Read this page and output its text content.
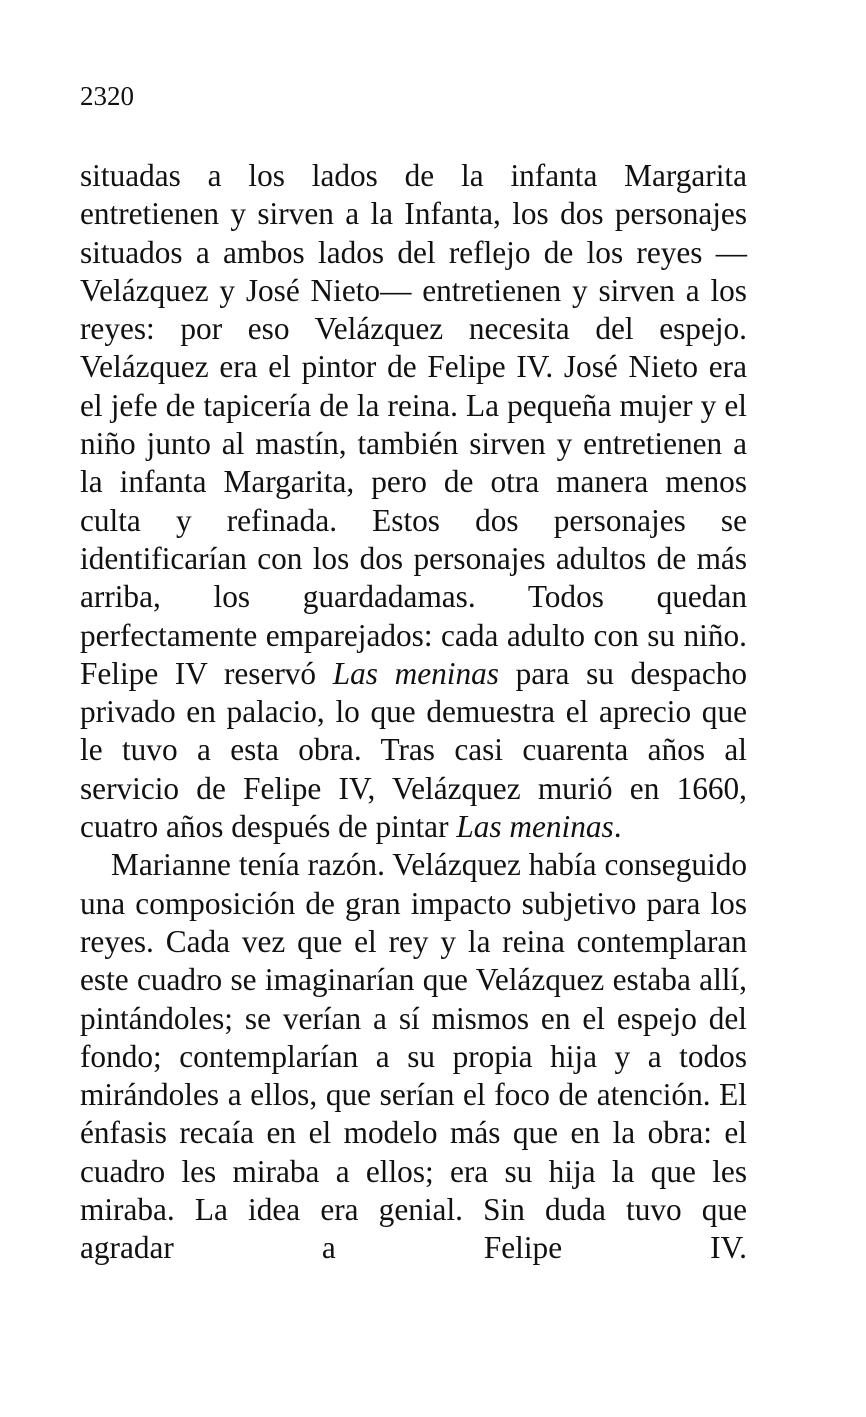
2320

situadas a los lados de la infanta Margarita entretienen y sirven a la Infanta, los dos personajes situados a ambos lados del reflejo de los reyes —Velázquez y José Nieto— entretienen y sirven a los reyes: por eso Velázquez necesita del espejo. Velázquez era el pintor de Felipe IV. José Nieto era el jefe de tapicería de la reina. La pequeña mujer y el niño junto al mastín, también sirven y entretienen a la infanta Margarita, pero de otra manera menos culta y refinada. Estos dos personajes se identificarían con los dos personajes adultos de más arriba, los guardadamas. Todos quedan perfectamente emparejados: cada adulto con su niño. Felipe IV reservó Las meninas para su despacho privado en palacio, lo que demuestra el aprecio que le tuvo a esta obra. Tras casi cuarenta años al servicio de Felipe IV, Velázquez murió en 1660, cuatro años después de pintar Las meninas.

Marianne tenía razón. Velázquez había conseguido una composición de gran impacto subjetivo para los reyes. Cada vez que el rey y la reina contemplaran este cuadro se imaginarían que Velázquez estaba allí, pintándoles; se verían a sí mismos en el espejo del fondo; contemplarían a su propia hija y a todos mirándoles a ellos, que serían el foco de atención. El énfasis recaía en el modelo más que en la obra: el cuadro les miraba a ellos; era su hija la que les miraba. La idea era genial. Sin duda tuvo que agradar a Felipe IV.
